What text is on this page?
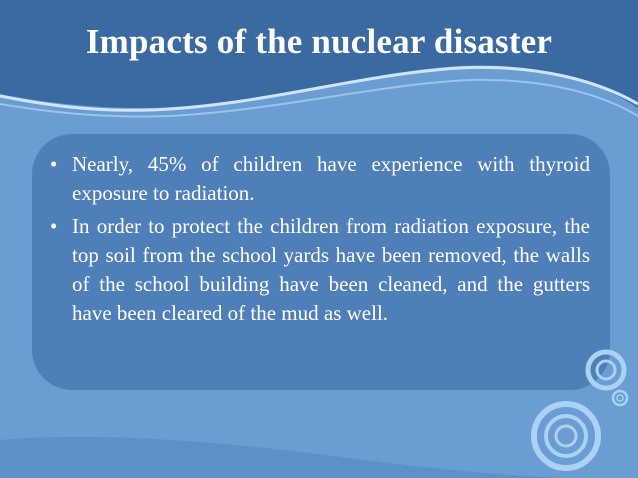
Impacts of the nuclear disaster
• Nearly, 45% of children have experience with thyroid exposure to radiation.
• In order to protect the children from radiation exposure, the top soil from the school yards have been removed, the walls of the school building have been cleaned, and the gutters have been cleared of the mud as well.
